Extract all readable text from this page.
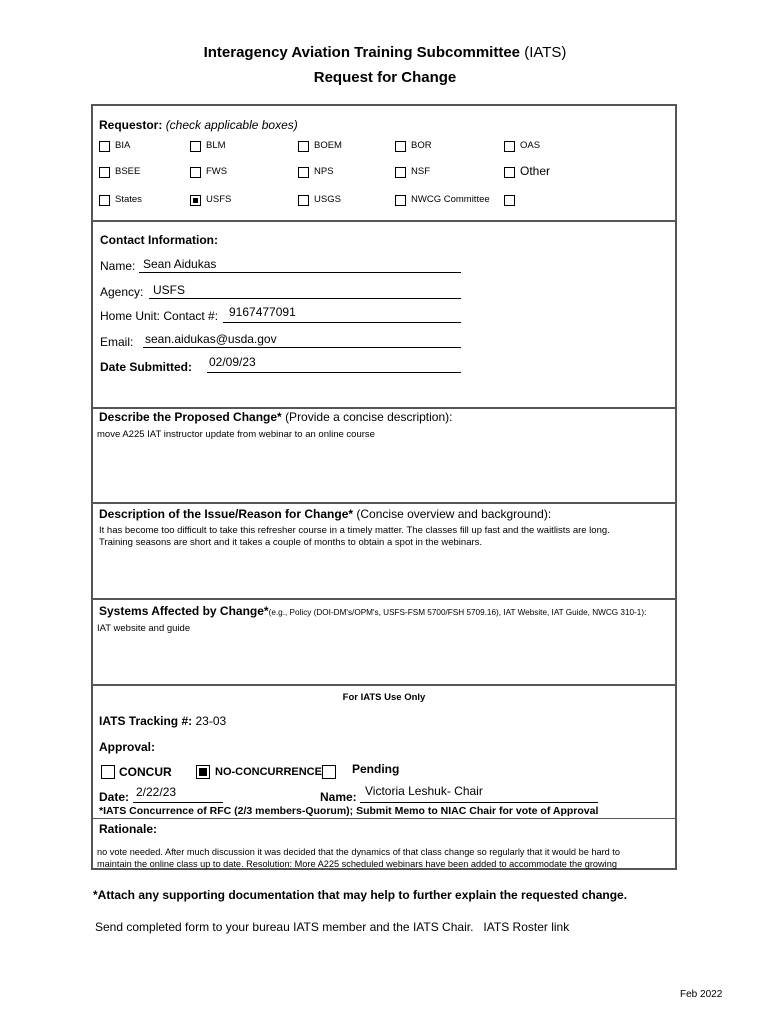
Interagency Aviation Training Subcommittee (IATS)
Request for Change
Requestor: (check applicable boxes)
BIA	BLM	BOEM	BOR	OAS
BSEE	FWS	NPS	NSF	Other
States	USFS	USGS	NWCG Committee
Contact Information:
Name: Sean Aidukas
Agency: USFS
Home Unit: Contact #: 9167477091
Email: sean.aidukas@usda.gov
Date Submitted: 02/09/23
Describe the Proposed Change* (Provide a concise description):
move A225 IAT instructor update from webinar to an online course
Description of the Issue/Reason for Change* (Concise overview and background):
It has become too difficult to take this refresher course in a timely matter. The classes fill up fast and the waitlists are long.
Training seasons are short and it takes a couple of months to obtain a spot in the webinars.
Systems Affected by Change*(e.g., Policy (DOI-DM's/OPM's, USFS-FSM 5700/FSH 5709.16), IAT Website, IAT Guide, NWCG 310-1):
IAT website and guide
For IATS Use Only
IATS Tracking #: 23-03
Approval:
CONCUR	NO-CONCURRENCE	Pending
Date: 2/22/23	Name: Victoria Leshuk- Chair
*IATS Concurrence of RFC (2/3 members-Quorum); Submit Memo to NIAC Chair for vote of Approval
Rationale:
no vote needed. After much discussion it was decided that the dynamics of that class change so regularly that it would be hard to
maintain the online class up to date. Resolution: More A225 scheduled webinars have been added to accommodate the growing
*Attach any supporting documentation that may help to further explain the requested change.
Send completed form to your bureau IATS member and the IATS Chair. IATS Roster link
Feb 2022
